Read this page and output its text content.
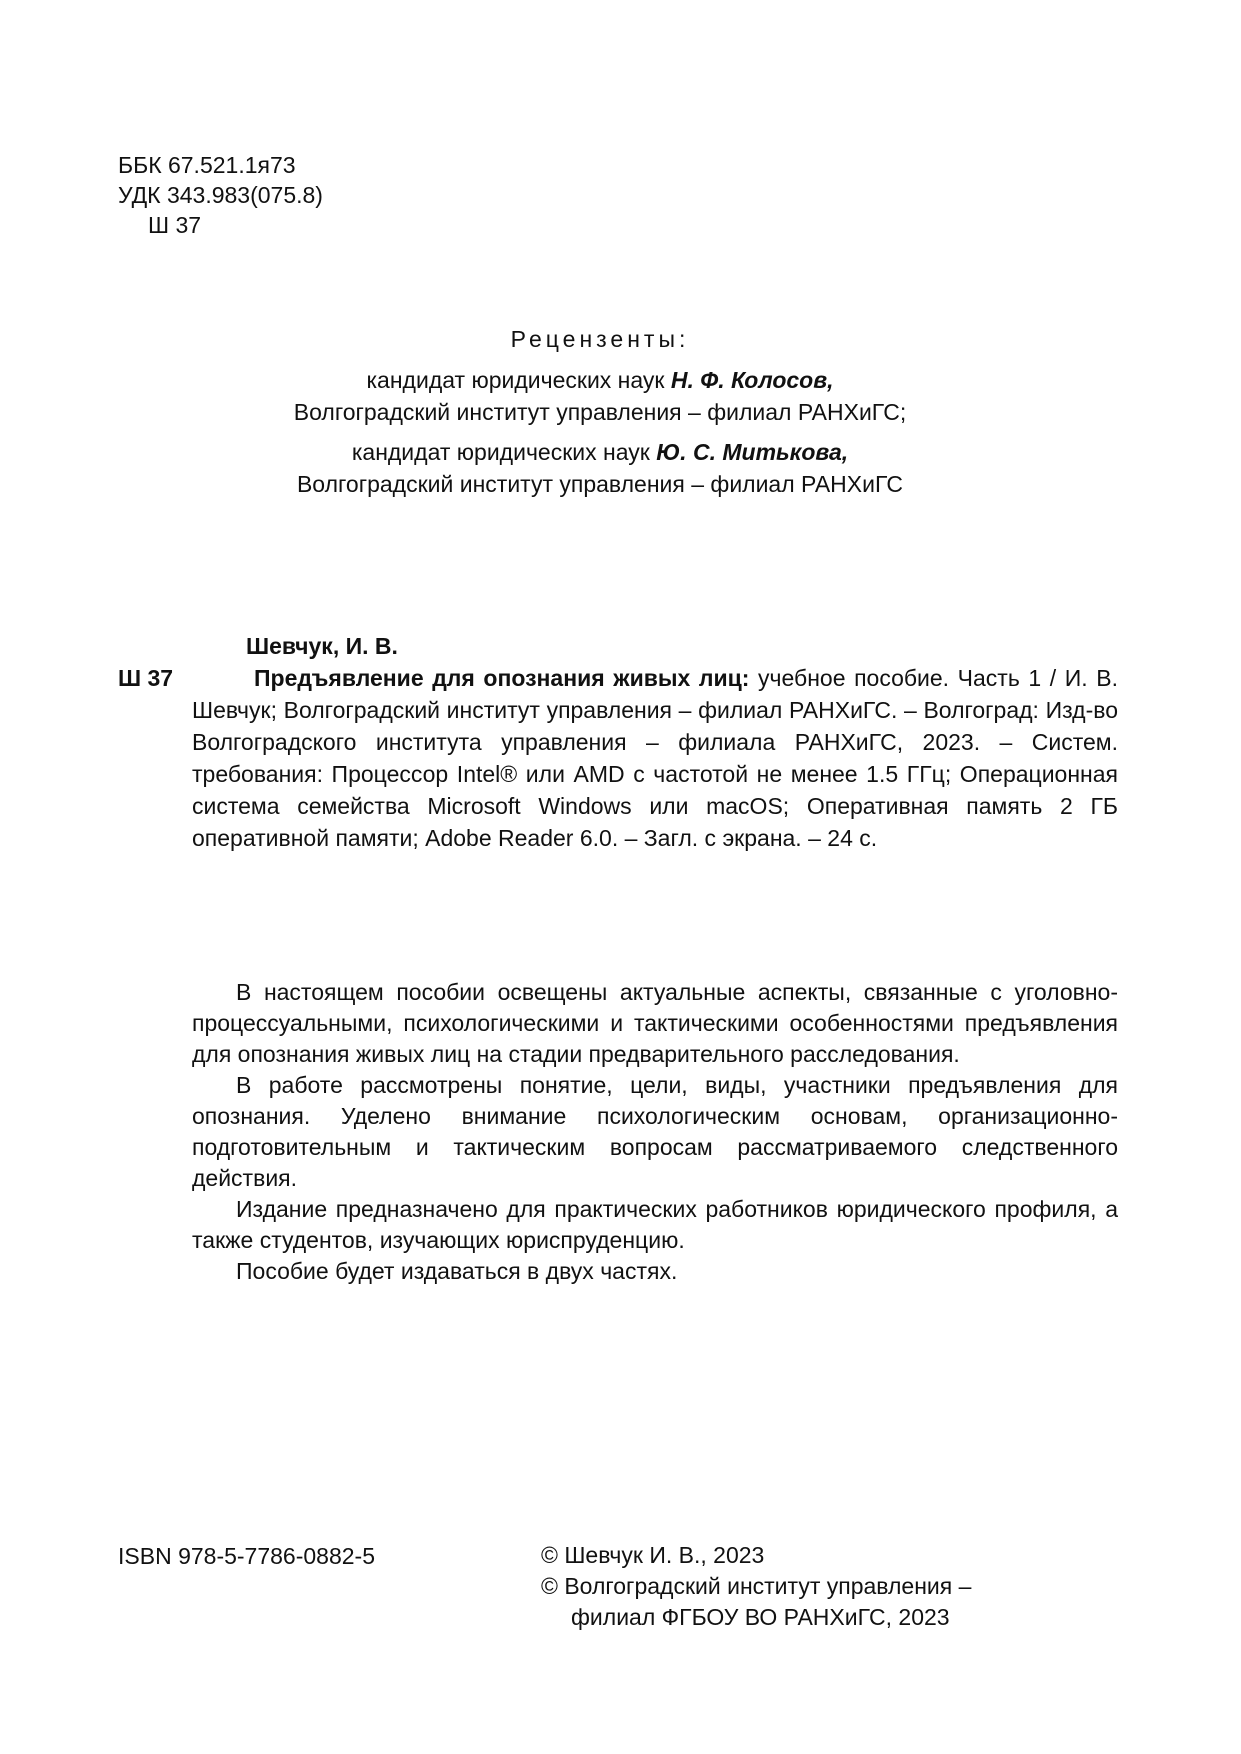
ББК 67.521.1я73
УДК 343.983(075.8)
Ш 37
Рецензенты:
кандидат юридических наук Н. Ф. Колосов,
Волгоградский институт управления – филиал РАНХиГС;
кандидат юридических наук Ю. С. Митькова,
Волгоградский институт управления – филиал РАНХиГС
Шевчук, И. В.
Ш 37	Предъявление для опознания живых лиц: учебное пособие. Часть 1 / И. В. Шевчук; Волгоградский институт управления – филиал РАНХиГС. – Волгоград: Изд-во Волгоградского института управления – филиала РАНХиГС, 2023. – Систем. требования: Процессор Intel® или AMD с частотой не менее 1.5 ГГц; Операционная система семейства Microsoft Windows или macOS; Оперативная память 2 ГБ оперативной памяти; Adobe Reader 6.0. – Загл. с экрана. – 24 с.

В настоящем пособии освещены актуальные аспекты, связанные с уголовно-процессуальными, психологическими и тактическими особенностями предъявления для опознания живых лиц на стадии предварительного расследования.

В работе рассмотрены понятие, цели, виды, участники предъявления для опознания. Уделено внимание психологическим основам, организационно-подготовительным и тактическим вопросам рассматриваемого следственного действия.

Издание предназначено для практических работников юридического профиля, а также студентов, изучающих юриспруденцию.

Пособие будет издаваться в двух частях.

ISBN 978-5-7786-0882-5	© Шевчук И. В., 2023
© Волгоградский институт управления –
филиал ФГБОУ ВО РАНХиГС, 2023
